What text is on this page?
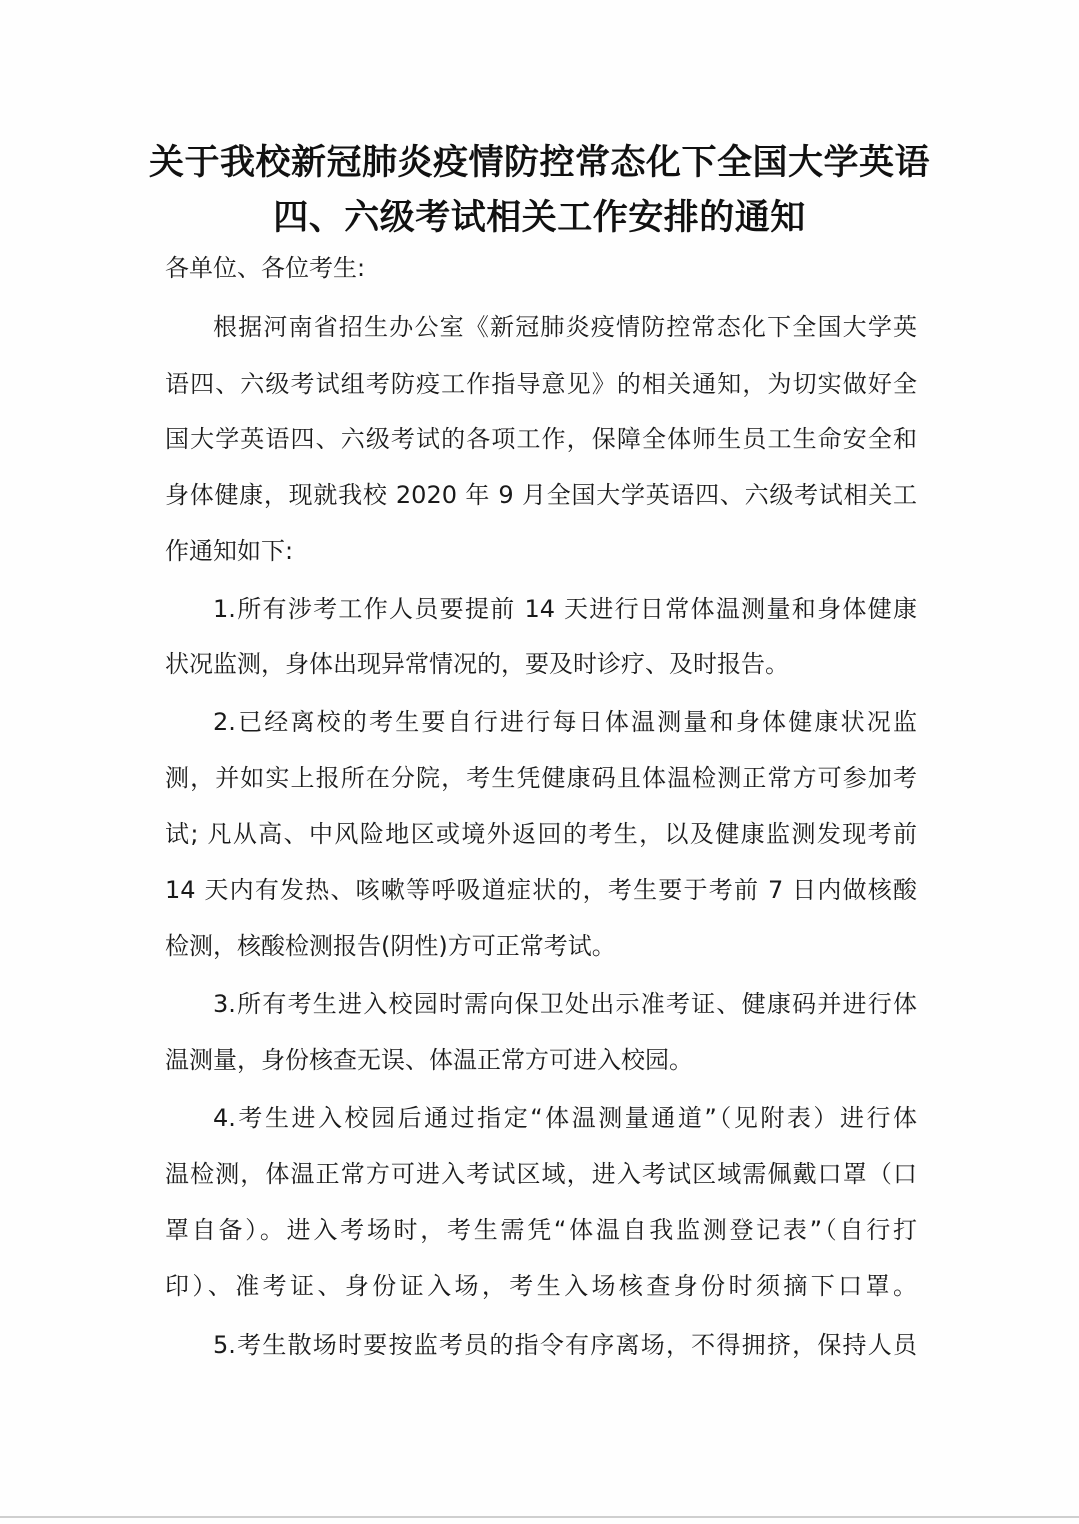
关于我校新冠肺炎疫情防控常态化下全国大学英语
四、六级考试相关工作安排的通知
各单位、各位考生:
根据河南省招生办公室《新冠肺炎疫情防控常态化下全国大学英
语四、六级考试组考防疫工作指导意见》的相关通知，为切实做好全
国大学英语四、六级考试的各项工作，保障全体师生员工生命安全和
身体健康，现就我校 2020 年 9 月全国大学英语四、六级考试相关工
作通知如下:
1.所有涉考工作人员要提前 14 天进行日常体温测量和身体健康
状况监测，身体出现异常情况的，要及时诊疗、及时报告。
2.已经离校的考生要自行进行每日体温测量和身体健康状况监
测，并如实上报所在分院，考生凭健康码且体温检测正常方可参加考
试; 凡从高、中风险地区或境外返回的考生，以及健康监测发现考前
14 天内有发热、咳嗽等呼吸道症状的，考生要于考前 7 日内做核酸
检测，核酸检测报告(阴性)方可正常考试。
3.所有考生进入校园时需向保卫处出示准考证、健康码并进行体
温测量，身份核查无误、体温正常方可进入校园。
4.考生进入校园后通过指定“体温测量通道”（见附表）进行体
温检测，体温正常方可进入考试区域，进入考试区域需佩戴口罩（口
罩自备）。进入考场时，考生需凭“体温自我监测登记表”（自行打
印）、准考证、身份证入场，考生入场核查身份时须摘下口罩。
5.考生散场时要按监考员的指令有序离场，不得拥挤，保持人员
